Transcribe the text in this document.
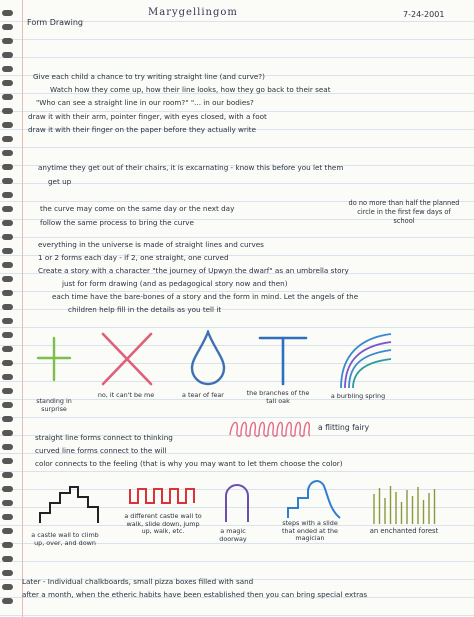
Form Drawing
Marygellingom	7-24-2001
Give each child a chance to try writing straight line (and curve?)
Watch how they come up, how their line looks, how they go back to their seat
"Who can see a straight line in our room?" "... in our bodies?
draw it with their arm, pointer finger, with eyes closed, with a foot
draw it with their finger on the paper before they actually write
anytime they get out of their chairs, it is excarnating - know this before you let them
get up
the curve may come on the same day or the next day
follow the same process to bring the curve
everything in the universe is made of straight lines and curves
1 or 2 forms each day - if 2, one straight, one curved
Create a story with a character "the journey of Upwyn the dwarf" as an umbrella story
just for form drawing (and as pedagogical story now and then)
each time have the bare-bones of a story and the form in mind. Let the angels of the
children help fill in the details as you tell it
do no more than half the planned circle in the first few days of school
standing in surprise
no, it can't be me	a tear of fear	the branches of the tall oak
a burbling spring
straight line forms connect to thinking
curved line forms connect to the will
color connects to the feeling (that is why you may want to let them choose the color)
a flitting fairy
a castle wall to climb up, over, and down
a different castle wall to walk, slide down, jump up, walk, etc.	a magic doorway
steps with a slide that ended at the magician
an enchanted forest
Later - Individual chalkboards, small pizza boxes filled with sand
after a month, when the etheric habits have been established then you can bring special extras
